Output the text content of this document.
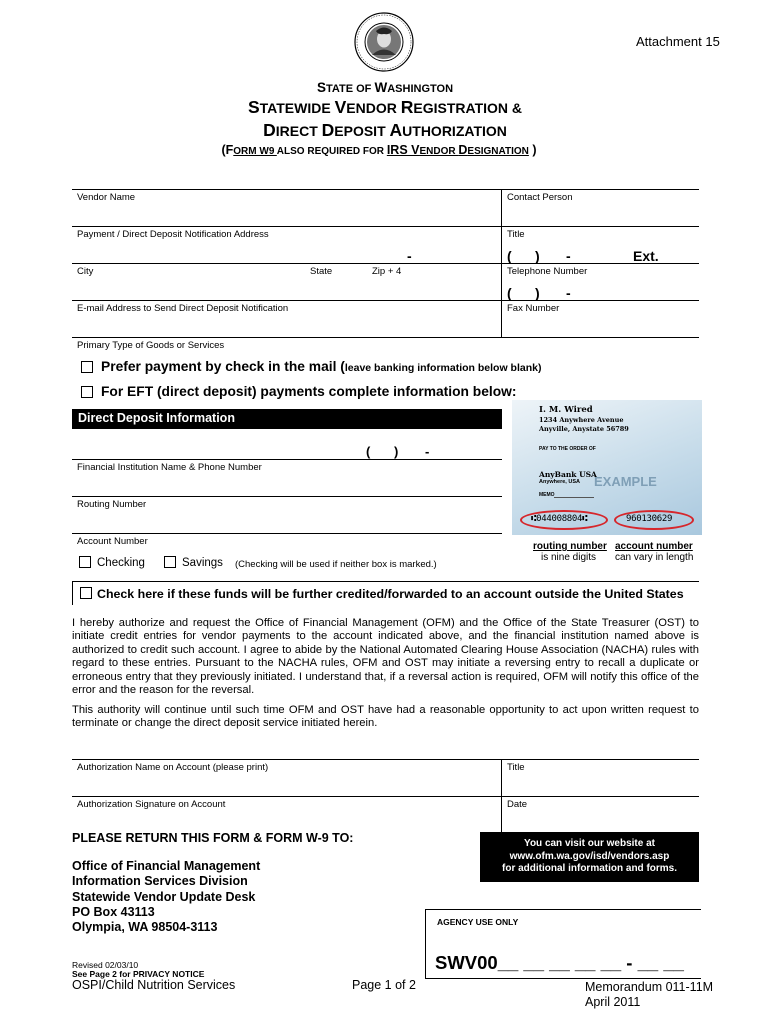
Attachment 15
STATE OF WASHINGTON
STATEWIDE VENDOR REGISTRATION &
DIRECT DEPOSIT AUTHORIZATION
(FORM W9 ALSO REQUIRED FOR IRS VENDOR DESIGNATION )
Vendor Name	Contact Person
Payment / Direct Deposit Notification Address	Title
-	( ) -	Ext.
City	State	Zip + 4	Telephone Number
( ) -
E-mail Address to Send Direct Deposit Notification	Fax Number
Primary Type of Goods or Services
Prefer payment by check in the mail (leave banking information below blank)
For EFT (direct deposit) payments complete information below:
Direct Deposit Information
( ) -
Financial Institution Name & Phone Number
Routing Number
Account Number
Checking	Savings (Checking will be used if neither box is marked.)
I. M. Wired
1234 Anywhere Avenue
Anyville, Anystate 56789
PAY TO THE ORDER OF
AnyBank USA
Anywhere, USA EXAMPLE
MEMO
⑆044008804⑆	960130629
routing number
is nine digits
account number
can vary in length
Check here if these funds will be further credited/forwarded to an account outside the United States
I hereby authorize and request the Office of Financial Management (OFM) and the Office of the State Treasurer (OST) to initiate credit entries for vendor payments to the account indicated above, and the financial institution named above is authorized to credit such account. I agree to abide by the National Automated Clearing House Association (NACHA) rules with regard to these entries. Pursuant to the NACHA rules, OFM and OST may initiate a reversing entry to recall a duplicate or erroneous entry that they previously initiated. I understand that, if a reversal action is required, OFM will notify this office of the error and the reason for the reversal.
This authority will continue until such time OFM and OST have had a reasonable opportunity to act upon written request to terminate or change the direct deposit service initiated herein.
Authorization Name on Account (please print)	Title
Authorization Signature on Account	Date
PLEASE RETURN THIS FORM & FORM W-9 TO:
Office of Financial Management
Information Services Division
Statewide Vendor Update Desk
PO Box 43113
Olympia, WA 98504-3113
You can visit our website at
www.ofm.wa.gov/isd/vendors.asp
for additional information and forms.
AGENCY USE ONLY
SWV00__ __ __ __ __ - __ __
Revised 02/03/10
See Page 2 for PRIVACY NOTICE
OSPI/Child Nutrition Services	Page 1 of 2	Memorandum 011-11M
April 2011
